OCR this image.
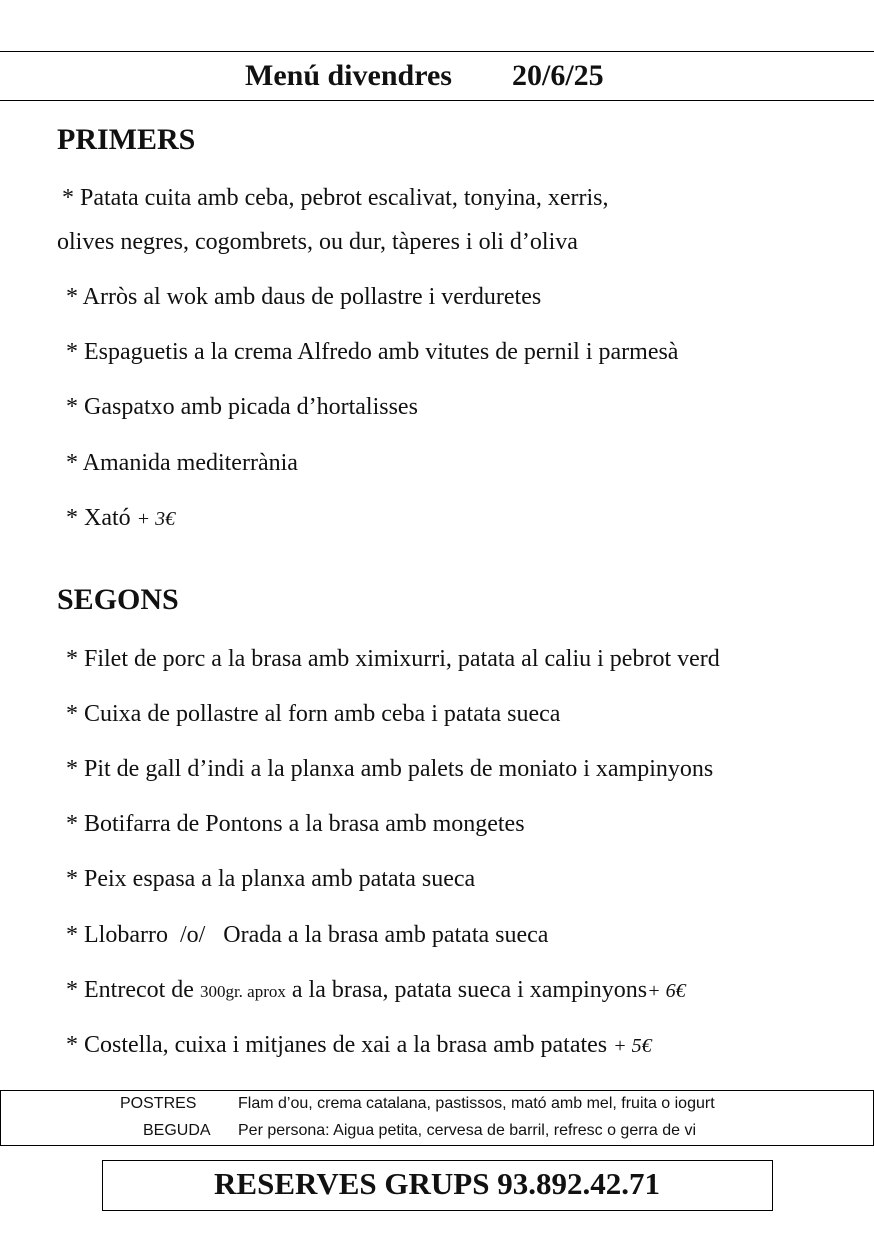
Menú divendres 20/6/25
PRIMERS
* Patata cuita amb ceba, pebrot escalivat, tonyina, xerris,
olives negres, cogombrets, ou dur, tàperes i oli d’oliva
* Arròs al wok amb daus de pollastre i verduretes
* Espaguetis a la crema Alfredo amb vitutes de pernil i parmesà
* Gaspatxo amb picada d’hortalisses
* Amanida mediterrània
* Xató + 3€
SEGONS
* Filet de porc a la brasa amb ximixurri, patata al caliu i pebrot verd
* Cuixa de pollastre al forn amb ceba i patata sueca
* Pit de gall d’indi a la planxa amb palets de moniato i xampinyons
* Botifarra de Pontons a la brasa amb mongetes
* Peix espasa a la planxa amb patata sueca
* Llobarro  /o/   Orada a la brasa amb patata sueca
* Entrecot de 300gr. aprox a la brasa, patata sueca i xampinyons+ 6€
* Costella, cuixa i mitjanes de xai a la brasa amb patates + 5€
POSTRES	Flam d’ou, crema catalana, pastissos, mató amb mel, fruita o iogurt
BEGUDA Per persona: Aigua petita, cervesa de barril, refresc o gerra de vi
RESERVES GRUPS 93.892.42.71
